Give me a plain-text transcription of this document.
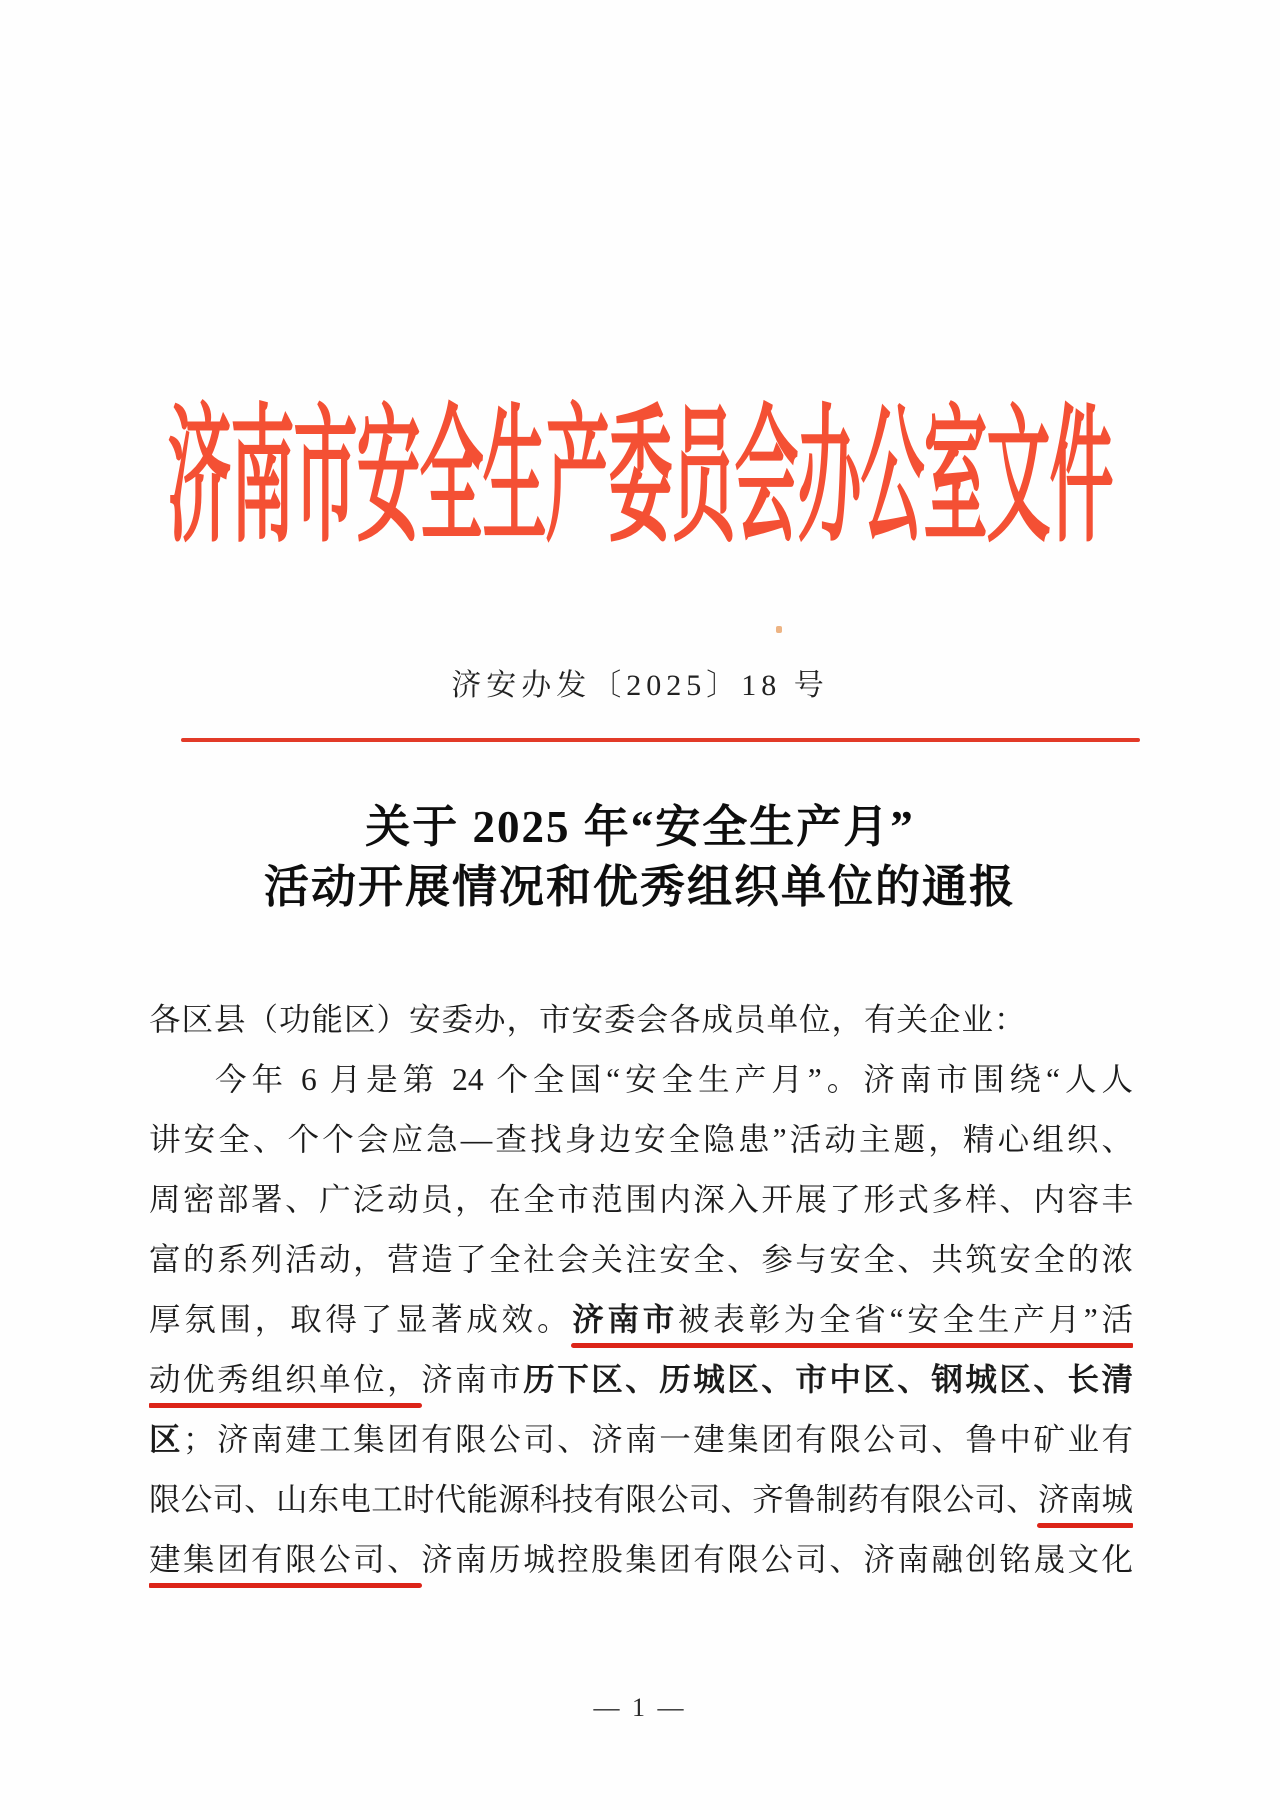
济南市安全生产委员会办公室文件
济安办发〔2025〕18 号
关于 2025 年“安全生产月”
活动开展情况和优秀组织单位的通报
各区县（功能区）安委办，市安委会各成员单位，有关企业：
今年 6 月是第 24 个全国“安全生产月”。济南市围绕“人人
讲安全、个个会应急—查找身边安全隐患”活动主题，精心组织、
周密部署、广泛动员，在全市范围内深入开展了形式多样、内容丰
富的系列活动，营造了全社会关注安全、参与安全、共筑安全的浓
厚氛围，取得了显著成效。济南市被表彰为全省“安全生产月”活
动优秀组织单位，济南市历下区、历城区、市中区、钢城区、长清
区；济南建工集团有限公司、济南一建集团有限公司、鲁中矿业有
限公司、山东电工时代能源科技有限公司、齐鲁制药有限公司、济南城
建集团有限公司、济南历城控股集团有限公司、济南融创铭晟文化
— 1 —
